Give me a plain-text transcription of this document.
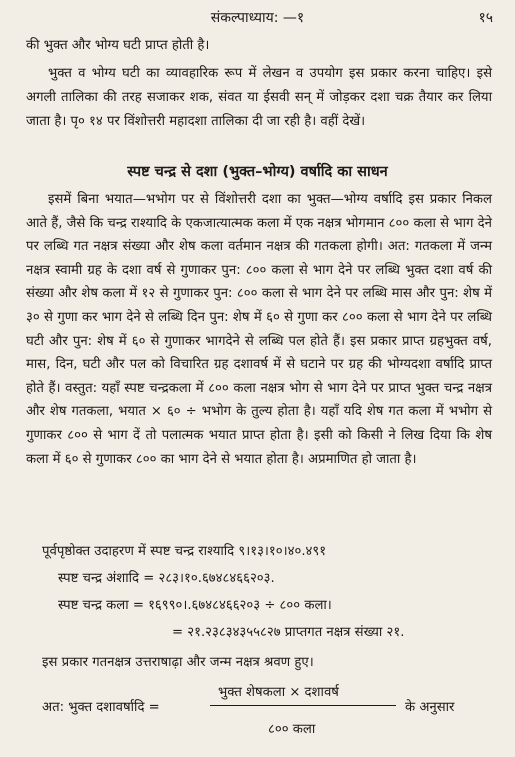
संकल्पाध्याय: —१	१५
की भुक्त और भोग्य घटी प्राप्त होती है।
भुक्त व भोग्य घटी का व्यावहारिक रूप में लेखन व उपयोग इस प्रकार करना चाहिए। इसे अगली तालिका की तरह सजाकर शक, संवत या ईसवी सन् में जोड़कर दशा चक्र तैयार कर लिया जाता है। पृ० १४ पर विंशोत्तरी महादशा तालिका दी जा रही है। वहीं देखें।
स्पष्ट चन्द्र से दशा (भुक्त–भोग्य) वर्षादि का साधन
इसमें बिना भयात—भभोग पर से विंशोत्तरी दशा का भुक्त—भोग्य वर्षादि इस प्रकार निकल आते हैं, जैसे कि चन्द्र राश्यादि के एकजात्यात्मक कला में एक नक्षत्र भोगमान ८०० कला से भाग देने पर लब्धि गत नक्षत्र संख्या और शेष कला वर्तमान नक्षत्र की गतकला होगी। अत: गतकला में जन्म नक्षत्र स्वामी ग्रह के दशा वर्ष से गुणाकर पुन: ८०० कला से भाग देने पर लब्धि भुक्त दशा वर्ष की संख्या और शेष कला में १२ से गुणाकर पुन: ८०० कला से भाग देने पर लब्धि मास और पुन: शेष में ३० से गुणा कर भाग देने से लब्धि दिन पुन: शेष में ६० से गुणा कर ८०० कला से भाग देने पर लब्धि घटी और पुन: शेष में ६० से गुणाकर भागदेने से लब्धि पल होते हैं। इस प्रकार प्राप्त ग्रहभुक्त वर्ष, मास, दिन, घटी और पल को विचारित ग्रह दशावर्ष में से घटाने पर ग्रह की भोग्यदशा वर्षादि प्राप्त होते हैं। वस्तुत: यहाँ स्पष्ट चन्द्रकला में ८०० कला नक्षत्र भोग से भाग देने पर प्राप्त भुक्त चन्द्र नक्षत्र और शेष गतकला, भयात × ६० ÷ भभोग के तुल्य होता है। यहाँ यदि शेष गत कला में भभोग से गुणाकर ८०० से भाग दें तो पलात्मक भयात प्राप्त होता है। इसी को किसी ने लिख दिया कि शेष कला में ६० से गुणाकर ८०० का भाग देने से भयात होता है। अप्रमाणित हो जाता है।
पूर्वपृष्ठोक्त उदाहरण में स्पष्ट चन्द्र राश्यादि ९।१३।१०।४०.४९१
स्पष्ट चन्द्र अंशादि = २८३।१०.६७४८४६६२०३.
स्पष्ट चन्द्र कला = १६९९०।.६७४८४६६२०३ ÷ ८०० कला।
= २१.२३८३४३५५८२७ प्राप्तगत नक्षत्र संख्या २१.
इस प्रकार गतनक्षत्र उत्तराषाढ़ा और जन्म नक्षत्र श्रवण हुए।
अत: भुक्त दशावर्षादि =
भुक्त शेषकला × दशावर्ष
के अनुसार
८०० कला
